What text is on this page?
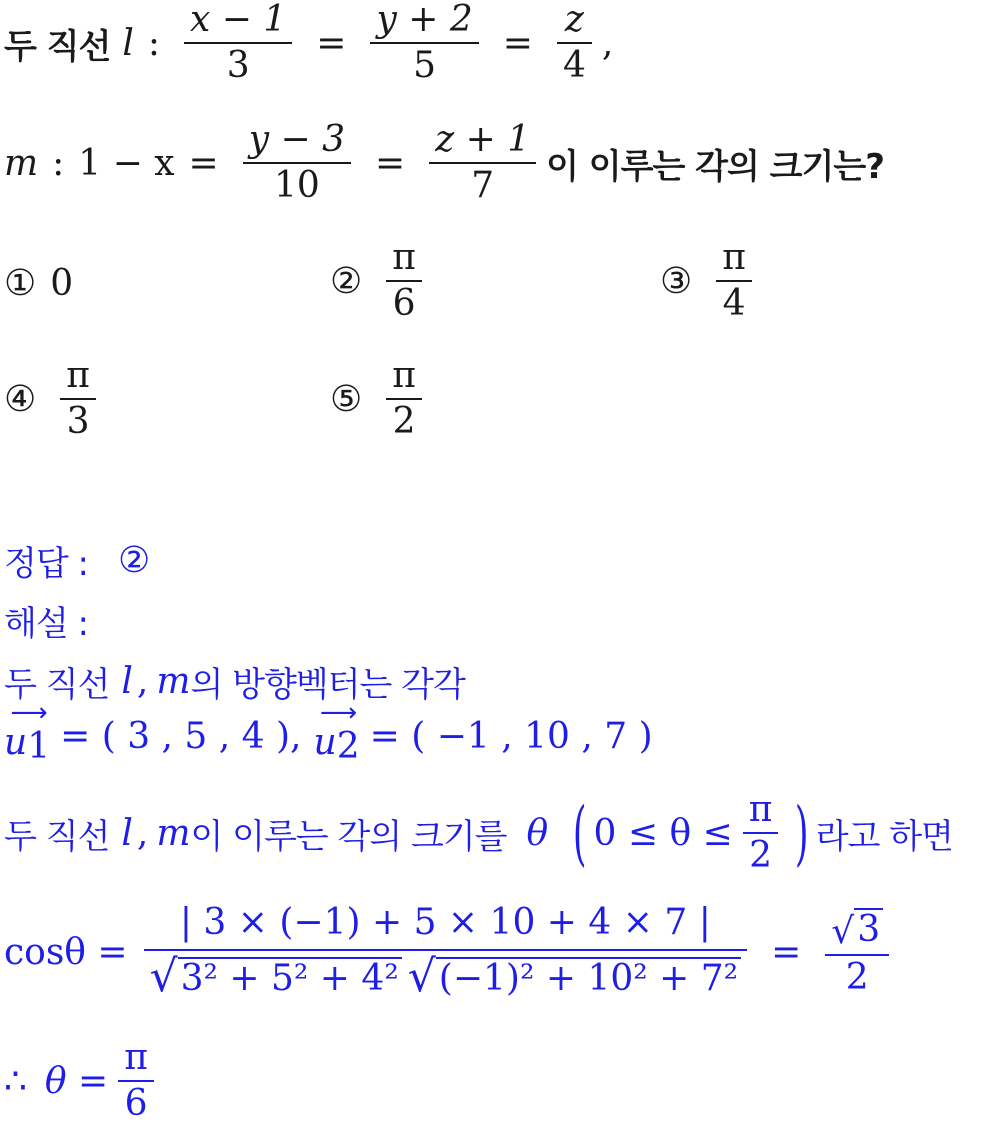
두 직선 l : $\frac{x - 1}{3} = \frac{y + 2}{5} = \frac{z}{4}$ ,
m : $1 - x = \frac{y - 3}{10} = \frac{z + 1}{7}$ 이 이루는 각의 크기는?
① 0	② $\frac{\pi}{6}$	③ $\frac{\pi}{4}$
④ $\frac{\pi}{3}$	⑤ $\frac{\pi}{2}$
정답 : ②
해설 :
두 직선 l , m 의 방향벡터는 각각
⟶
$u_1$ = ( 3 , 5 , 4 ),
⟶
$u_2$ = ( −1 , 10 , 7 )
두 직선 l , m 이 이루는 각의 크기를 θ ( $0 \le \theta \le \frac{\pi}{2}$ ) 라고 하면
$\cos\theta = \frac{| 3 \times (-1) + 5 \times 10 + 4 \times 7 |}{\text{√ 3² + 5² + 4² √ (−1)² + 10² + 7²}} = \frac{√ 3}{2}$
∴ $\theta = \frac{\pi}{6}$
